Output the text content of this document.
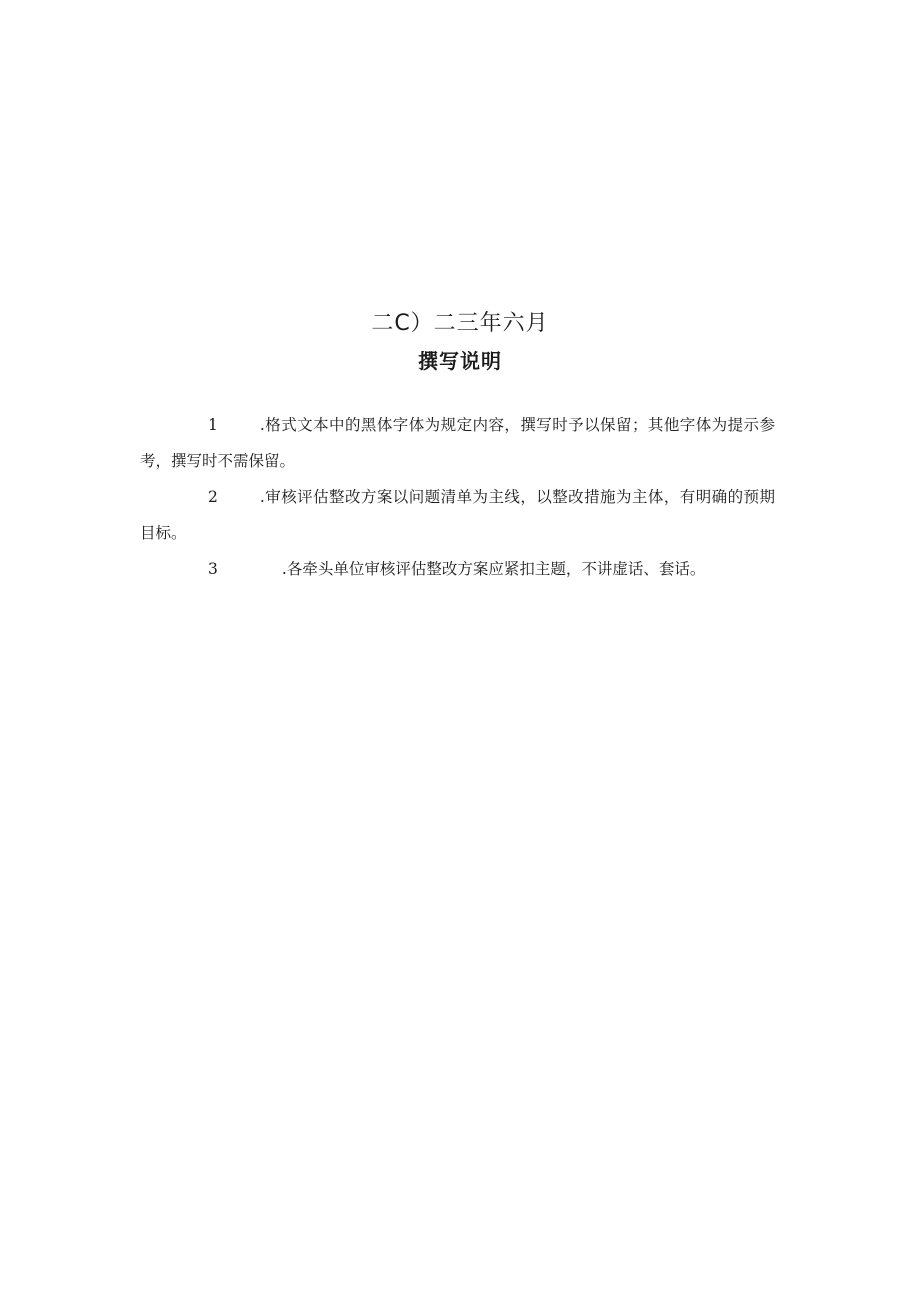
二C）二三年六月
撰写说明

1	.格式文本中的黑体字体为规定内容，撰写时予以保留；其他字体为提示参考，撰写时不需保留。

2	.审核评估整改方案以问题清单为主线，以整改措施为主体，有明确的预期目标。

3	.各牵头单位审核评估整改方案应紧扣主题，不讲虚话、套话。
